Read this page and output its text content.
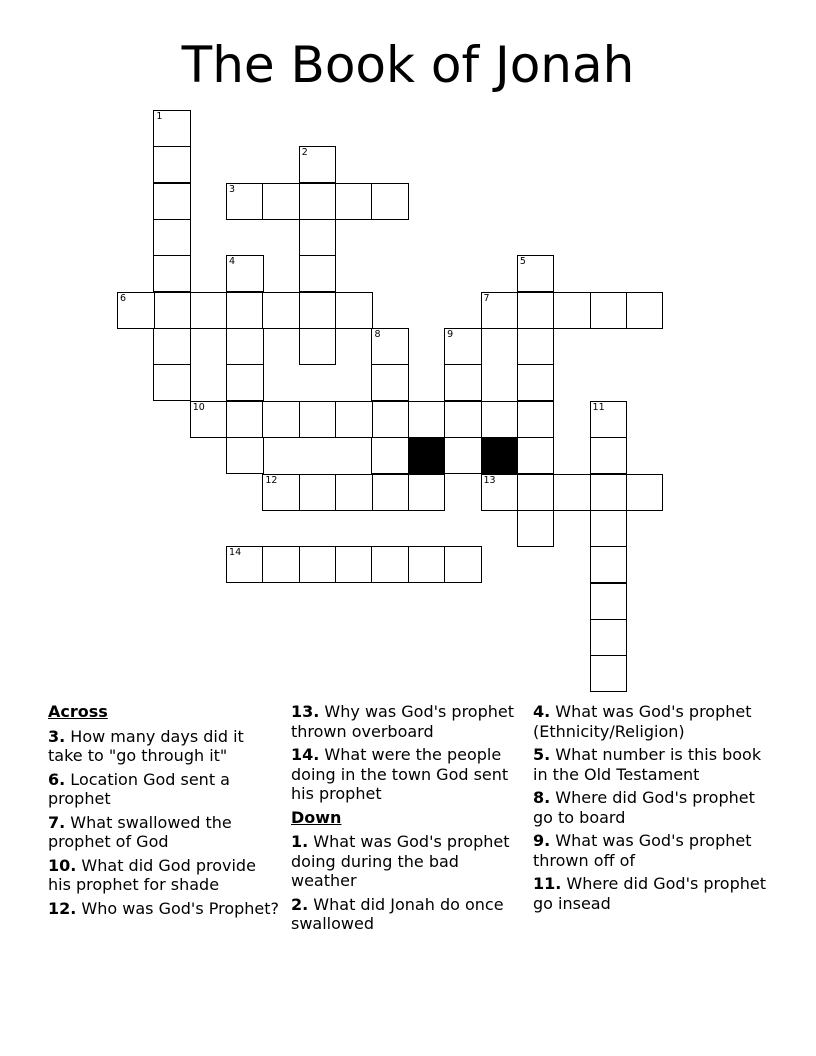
The Book of Jonah
1
2
3
4	5
6	7
8	9
10	11
12	13
14
Across
3. How many days did it take to "go through it"
6. Location God sent a prophet
7. What swallowed the prophet of God
10. What did God provide his prophet for shade
12. Who was God's Prophet?
13. Why was God's prophet thrown overboard
14. What were the people doing in the town God sent his prophet
Down
1. What was God's prophet doing during the bad weather
2. What did Jonah do once swallowed
4. What was God's prophet (Ethnicity/Religion)
5. What number is this book in the Old Testament
8. Where did God's prophet go to board
9. What was God's prophet thrown off of
11. Where did God's prophet go insead
